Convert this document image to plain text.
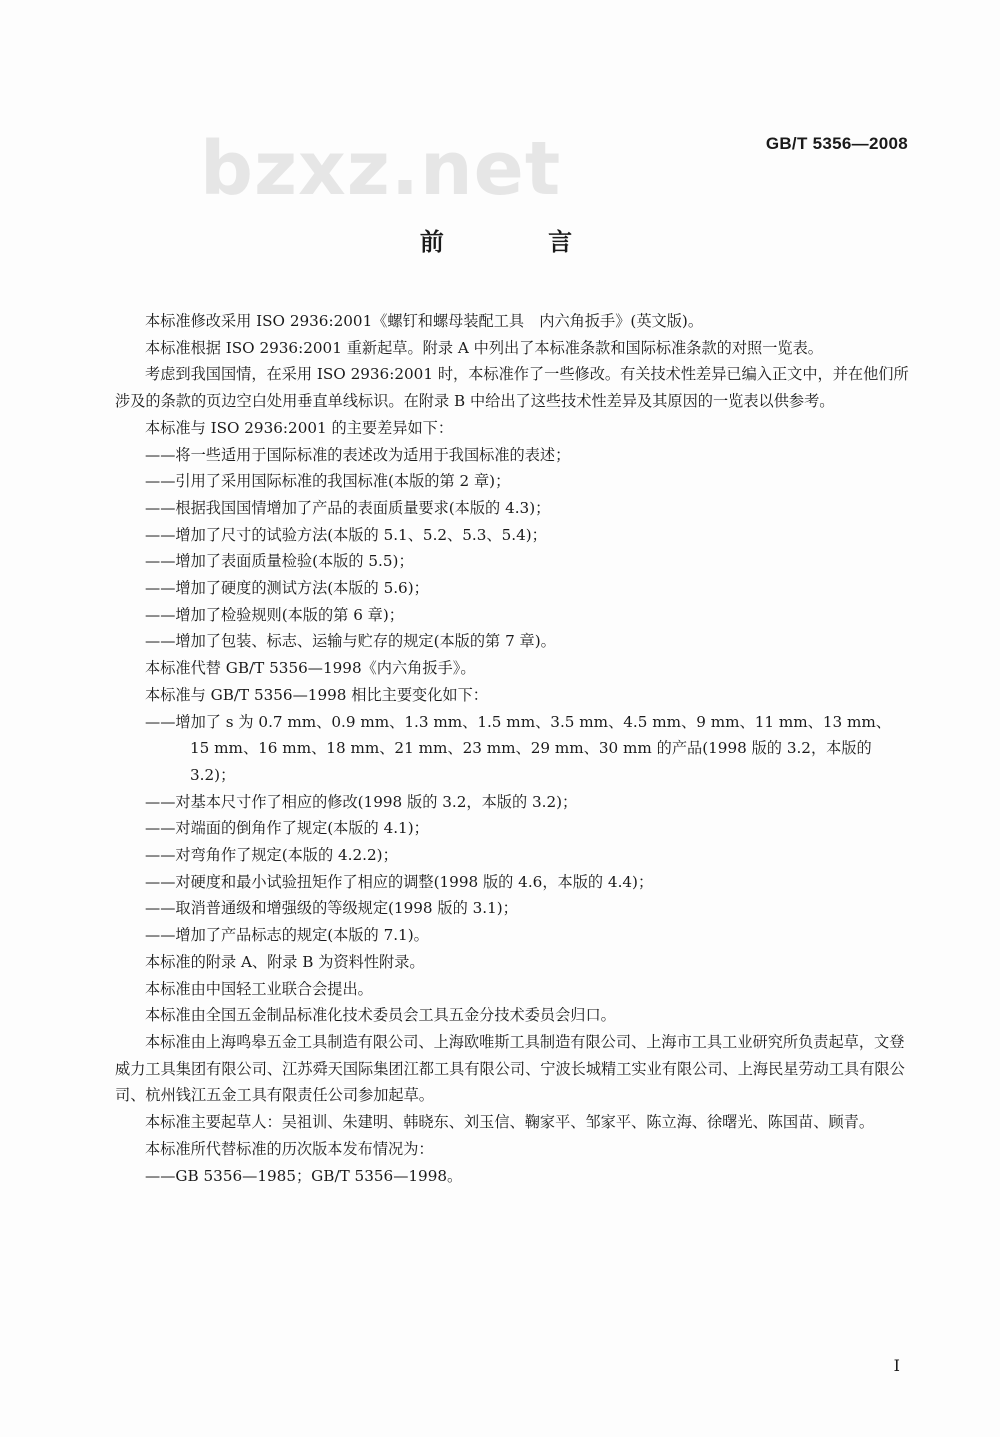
bzxz.net	GB/T 5356—2008
前 言

本标准修改采用 ISO 2936:2001《螺钉和螺母装配工具　内六角扳手》(英文版)。

本标准根据 ISO 2936:2001 重新起草。附录 A 中列出了本标准条款和国际标准条款的对照一览表。

考虑到我国国情，在采用 ISO 2936:2001 时，本标准作了一些修改。有关技术性差异已编入正文中，并在他们所涉及的条款的页边空白处用垂直单线标识。在附录 B 中给出了这些技术性差异及其原因的一览表以供参考。

本标准与 ISO 2936:2001 的主要差异如下：

——将一些适用于国际标准的表述改为适用于我国标准的表述；

——引用了采用国际标准的我国标准(本版的第 2 章)；

——根据我国国情增加了产品的表面质量要求(本版的 4.3)；

——增加了尺寸的试验方法(本版的 5.1、5.2、5.3、5.4)；

——增加了表面质量检验(本版的 5.5)；

——增加了硬度的测试方法(本版的 5.6)；

——增加了检验规则(本版的第 6 章)；

——增加了包装、标志、运输与贮存的规定(本版的第 7 章)。

本标准代替 GB/T 5356—1998《内六角扳手》。

本标准与 GB/T 5356—1998 相比主要变化如下：

——增加了 s 为 0.7 mm、0.9 mm、1.3 mm、1.5 mm、3.5 mm、4.5 mm、9 mm、11 mm、13 mm、15 mm、16 mm、18 mm、21 mm、23 mm、29 mm、30 mm 的产品(1998 版的 3.2，本版的 3.2)；

——对基本尺寸作了相应的修改(1998 版的 3.2，本版的 3.2)；

——对端面的倒角作了规定(本版的 4.1)；

——对弯角作了规定(本版的 4.2.2)；

——对硬度和最小试验扭矩作了相应的调整(1998 版的 4.6，本版的 4.4)；

——取消普通级和增强级的等级规定(1998 版的 3.1)；

——增加了产品标志的规定(本版的 7.1)。

本标准的附录 A、附录 B 为资料性附录。

本标准由中国轻工业联合会提出。

本标准由全国五金制品标准化技术委员会工具五金分技术委员会归口。

本标准由上海鸣皋五金工具制造有限公司、上海欧唯斯工具制造有限公司、上海市工具工业研究所负责起草，文登威力工具集团有限公司、江苏舜天国际集团江都工具有限公司、宁波长城精工实业有限公司、上海民星劳动工具有限公司、杭州钱江五金工具有限责任公司参加起草。

本标准主要起草人：吴祖训、朱建明、韩晓东、刘玉信、鞠家平、邹家平、陈立海、徐曙光、陈国苗、顾青。

本标准所代替标准的历次版本发布情况为：

——GB 5356—1985；GB/T 5356—1998。

I
